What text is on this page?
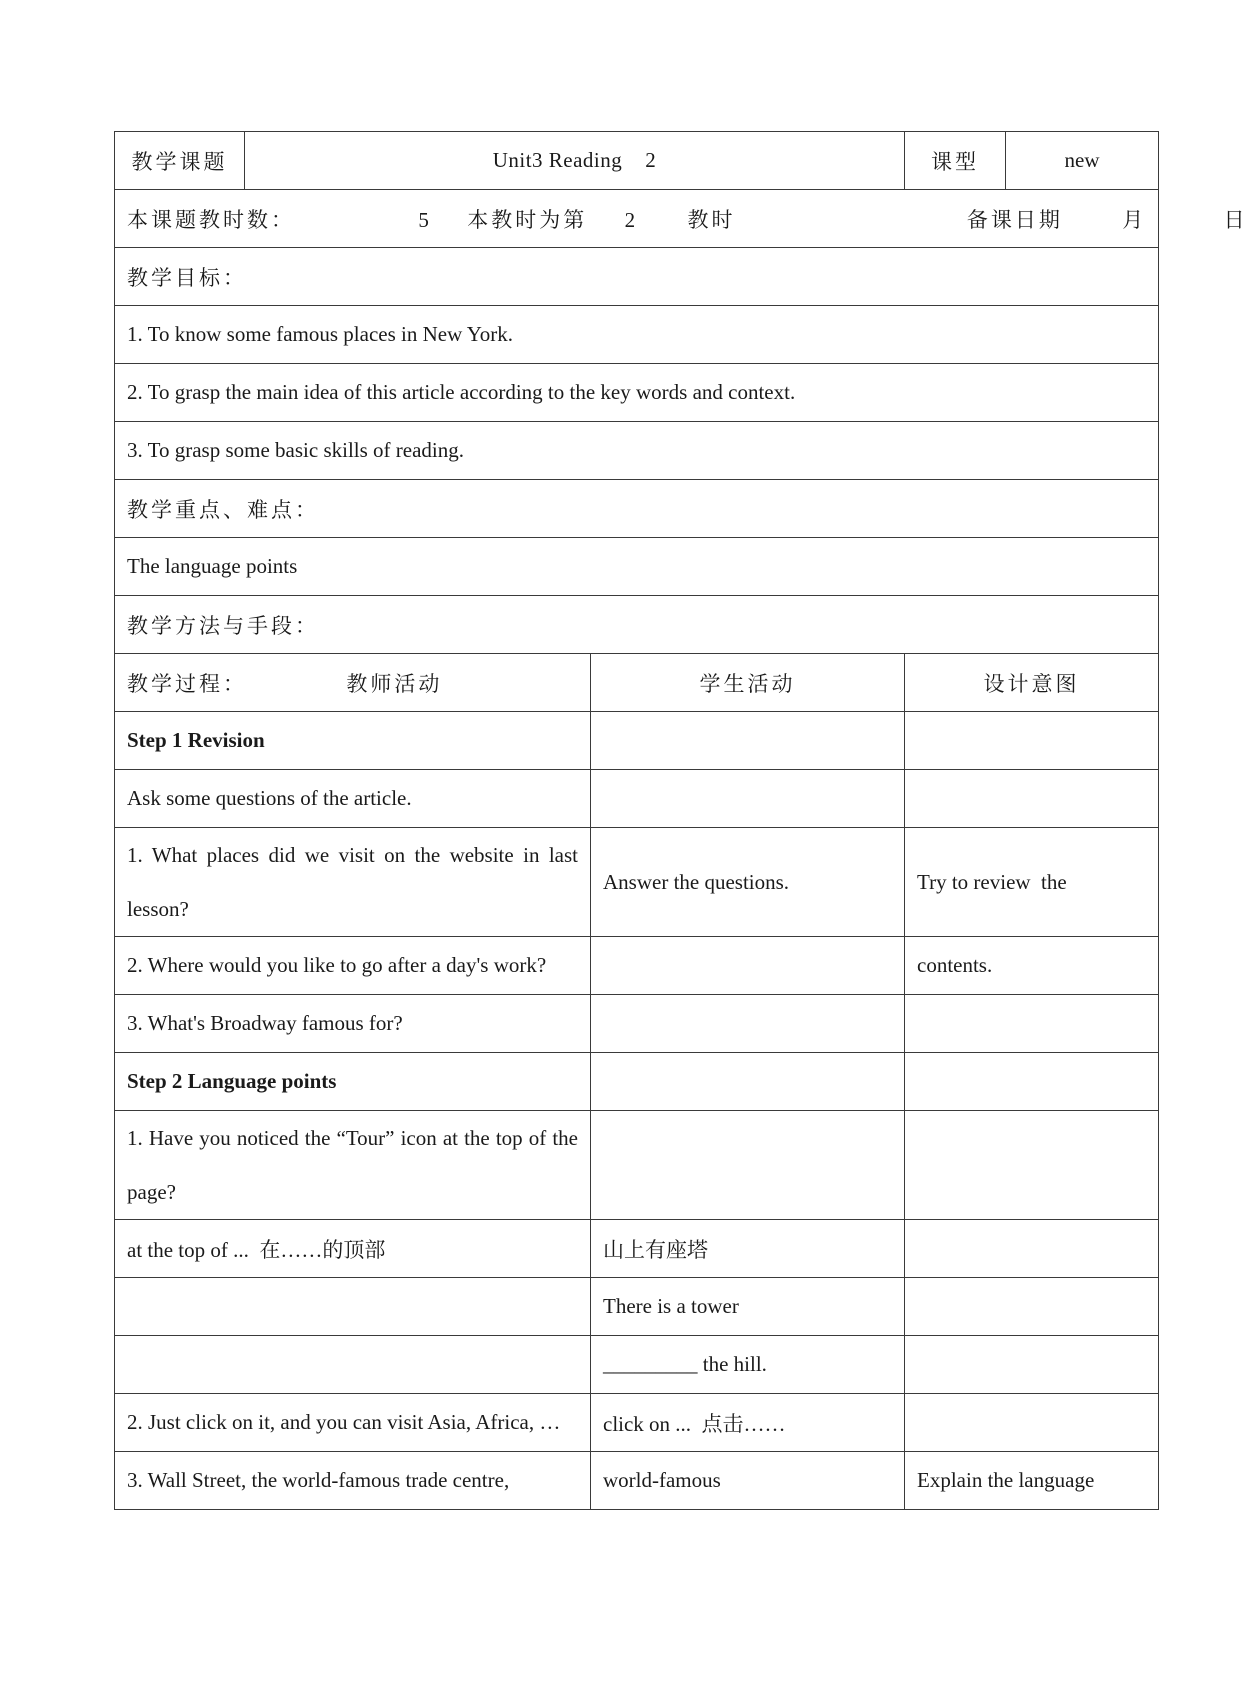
教学课题	Unit3 Reading    2		课型	new
本课题教时数： 5 本教时为第 2 教时 备课日期 月 日				
教学目标：				
1. To know some famous places in New York.				
2. To grasp the main idea of this article according to the key words and context.				
3. To grasp some basic skills of reading.				
教学重点、难点：				
The language points				
教学方法与手段：				
教学过程： 教师活动		学生活动	设计意图	
Step 1 Revision				
Ask some questions of the article.				
1. What places did we visit on the website in last lesson?		Answer the questions.	Try to review  the	
2. Where would you like to go after a day's work?			contents.	
3. What's Broadway famous for?				
Step 2 Language points				
1. Have you noticed the “Tour” icon at the top of the page?				
at the top of ...  在……的顶部		山上有座塔		
		There is a tower		
		_________ the hill.		
2. Just click on it, and you can visit Asia, Africa, …		click on ...  点击……		
3. Wall Street, the world-famous trade centre,		world-famous	Explain the language	
